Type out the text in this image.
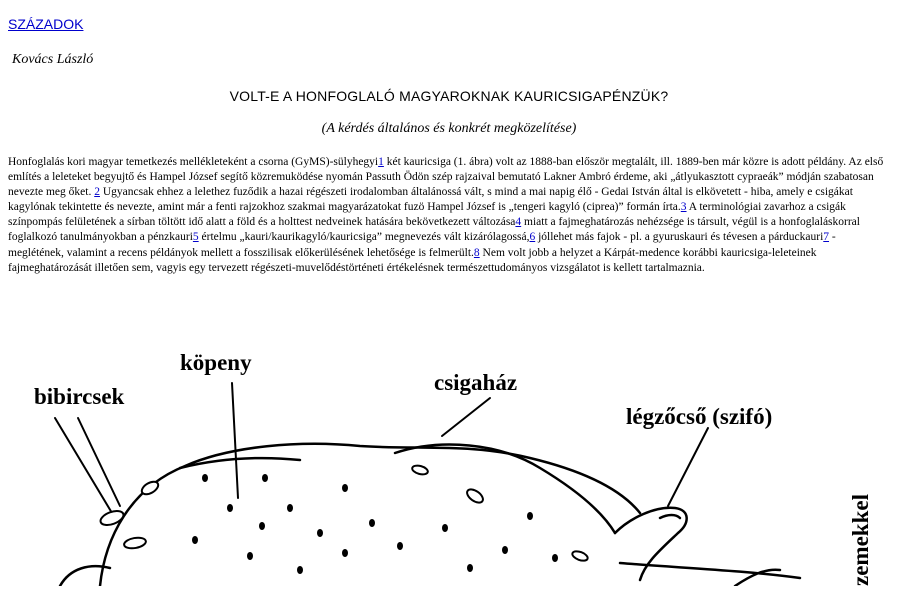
SZÁZADOK
Kovács László
VOLT-E A HONFOGLALÓ MAGYAROKNAK KAURICSIGAPÉNZÜK?
(A kérdés általános és konkrét megközelítése)
Honfoglalás kori magyar temetkezés mellékleteként a csorna (GyMS)-sülyhegyi1 két kauricsiga (1. ábra) volt az 1888-ban először megtalált, ill. 1889-ben már közre is adott példány. Az első említés a leleteket begyujtő és Hampel József segítő közremuködése nyomán Passuth Ödön szép rajzaival bemutató Lakner Ambró érdeme, aki „átlyukasztott cypraeák” módján szabatosan nevezte meg őket. 2 Ugyancsak ehhez a lelethez fuződik a hazai régészeti irodalomban általánossá vált, s mind a mai napig élő - Gedai István által is elkövetett - hiba, amely e csigákat kagylónak tekintette és nevezte, amint már a fenti rajzokhoz szakmai magyarázatokat fuzö Hampel József is „tengeri kagyló (ciprea)” formán írta.3 A terminológiai zavarhoz a csigák színpompás felületének a sírban töltött idő alatt a föld és a holttest nedveinek hatására bekövetkezett változása4 miatt a fajmeghatározás nehézsége is társult, végül is a honfoglaláskorral foglalkozó tanulmányokban a pénzkauri5 értelmu „kauri/kaurikagyló/kauricsiga” megnevezés vált kizárólagossá,6 jóllehet más fajok - pl. a gyuruskauri és tévesen a párduckauri7 - meglétének, valamint a recens példányok mellett a fosszilisak előkerülésének lehetősége is felmerült.8 Nem volt jobb a helyzet a Kárpát-medence korábbi kauricsiga-leleteinek fajmeghatározását illetően sem, vagyis egy tervezett régészeti-muvelődéstörténeti értékelésnek természettudományos vizsgálatot is kellett tartalmaznia.
köpeny
bibircsek
csigaház
légzőcső (szifó)
zemekkel
